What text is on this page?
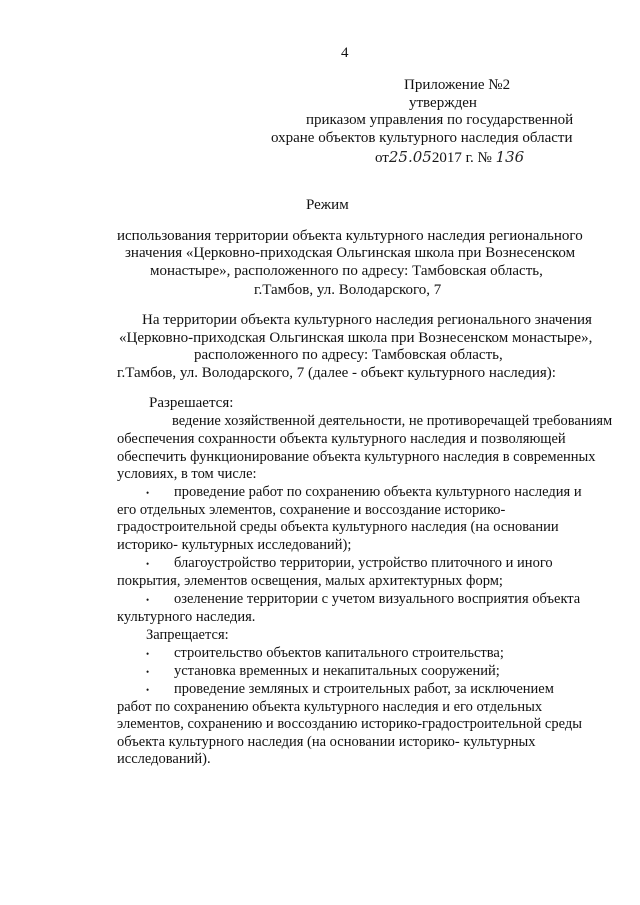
4
Приложение №2
утвержден
приказом управления по государственной
охране объектов культурного наследия области
от25.052017 г. № 136
Режим
использования территории объекта культурного наследия регионального
значения «Церковно-приходская Ольгинская школа при Вознесенском
монастыре», расположенного по адресу: Тамбовская область,
г.Тамбов, ул. Володарского, 7
На территории объекта культурного наследия регионального значения
«Церковно-приходская Ольгинская школа при Вознесенском монастыре»,
расположенного по адресу: Тамбовская область,
г.Тамбов, ул. Володарского, 7 (далее - объект культурного наследия):
Разрешается:
ведение хозяйственной деятельности, не противоречащей требованиям
обеспечения сохранности объекта культурного наследия и позволяющей
обеспечить функционирование объекта культурного наследия в современных
условиях, в том числе:
• проведение работ по сохранению объекта культурного наследия и
его отдельных элементов, сохранение и воссоздание историко-
градостроительной среды объекта культурного наследия (на основании
историко- культурных исследований);
• благоустройство территории, устройство плиточного и иного
покрытия, элементов освещения, малых архитектурных форм;
• озеленение территории с учетом визуального восприятия объекта
культурного наследия.
Запрещается:
• строительство объектов капитального строительства;
• установка временных и некапитальных сооружений;
• проведение земляных и строительных работ, за исключением
работ по сохранению объекта культурного наследия и его отдельных
элементов, сохранению и воссозданию историко-градостроительной среды
объекта культурного наследия (на основании историко- культурных
исследований).
